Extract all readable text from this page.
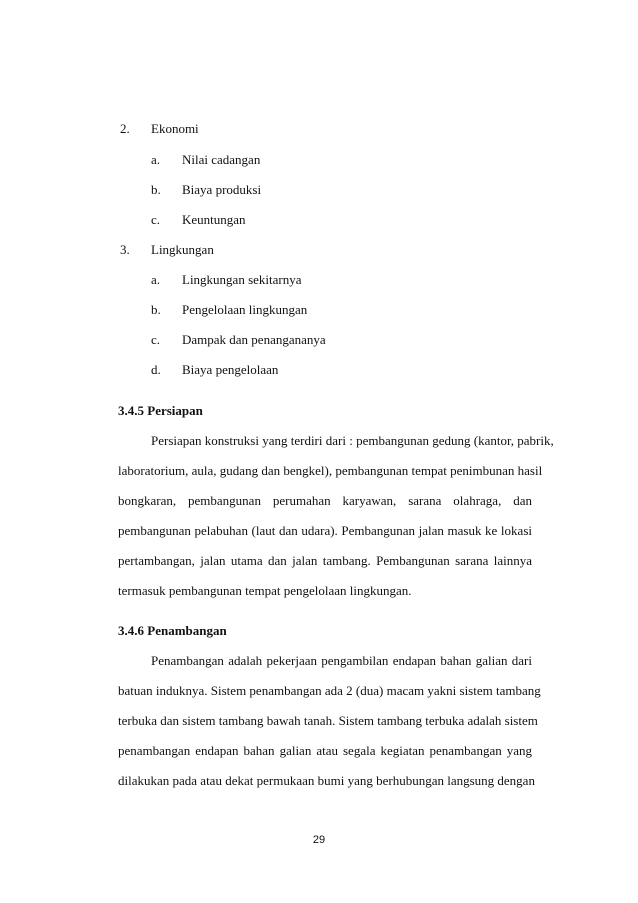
2. Ekonomi
a. Nilai cadangan
b. Biaya produksi
c. Keuntungan
3. Lingkungan
a. Lingkungan sekitarnya
b. Pengelolaan lingkungan
c. Dampak dan penangananya
d. Biaya pengelolaan
3.4.5 Persiapan
Persiapan konstruksi yang terdiri dari : pembangunan gedung (kantor, pabrik,
laboratorium, aula, gudang dan bengkel), pembangunan tempat penimbunan hasil
bongkaran, pembangunan perumahan karyawan, sarana olahraga, dan
pembangunan pelabuhan (laut dan udara). Pembangunan jalan masuk ke lokasi
pertambangan, jalan utama dan jalan tambang. Pembangunan sarana lainnya
termasuk pembangunan tempat pengelolaan lingkungan.
3.4.6 Penambangan
Penambangan adalah pekerjaan pengambilan endapan bahan galian dari
batuan induknya. Sistem penambangan ada 2 (dua) macam yakni sistem tambang
terbuka dan sistem tambang bawah tanah. Sistem tambang terbuka adalah sistem
penambangan endapan bahan galian atau segala kegiatan penambangan yang
dilakukan pada atau dekat permukaan bumi yang berhubungan langsung dengan
29
